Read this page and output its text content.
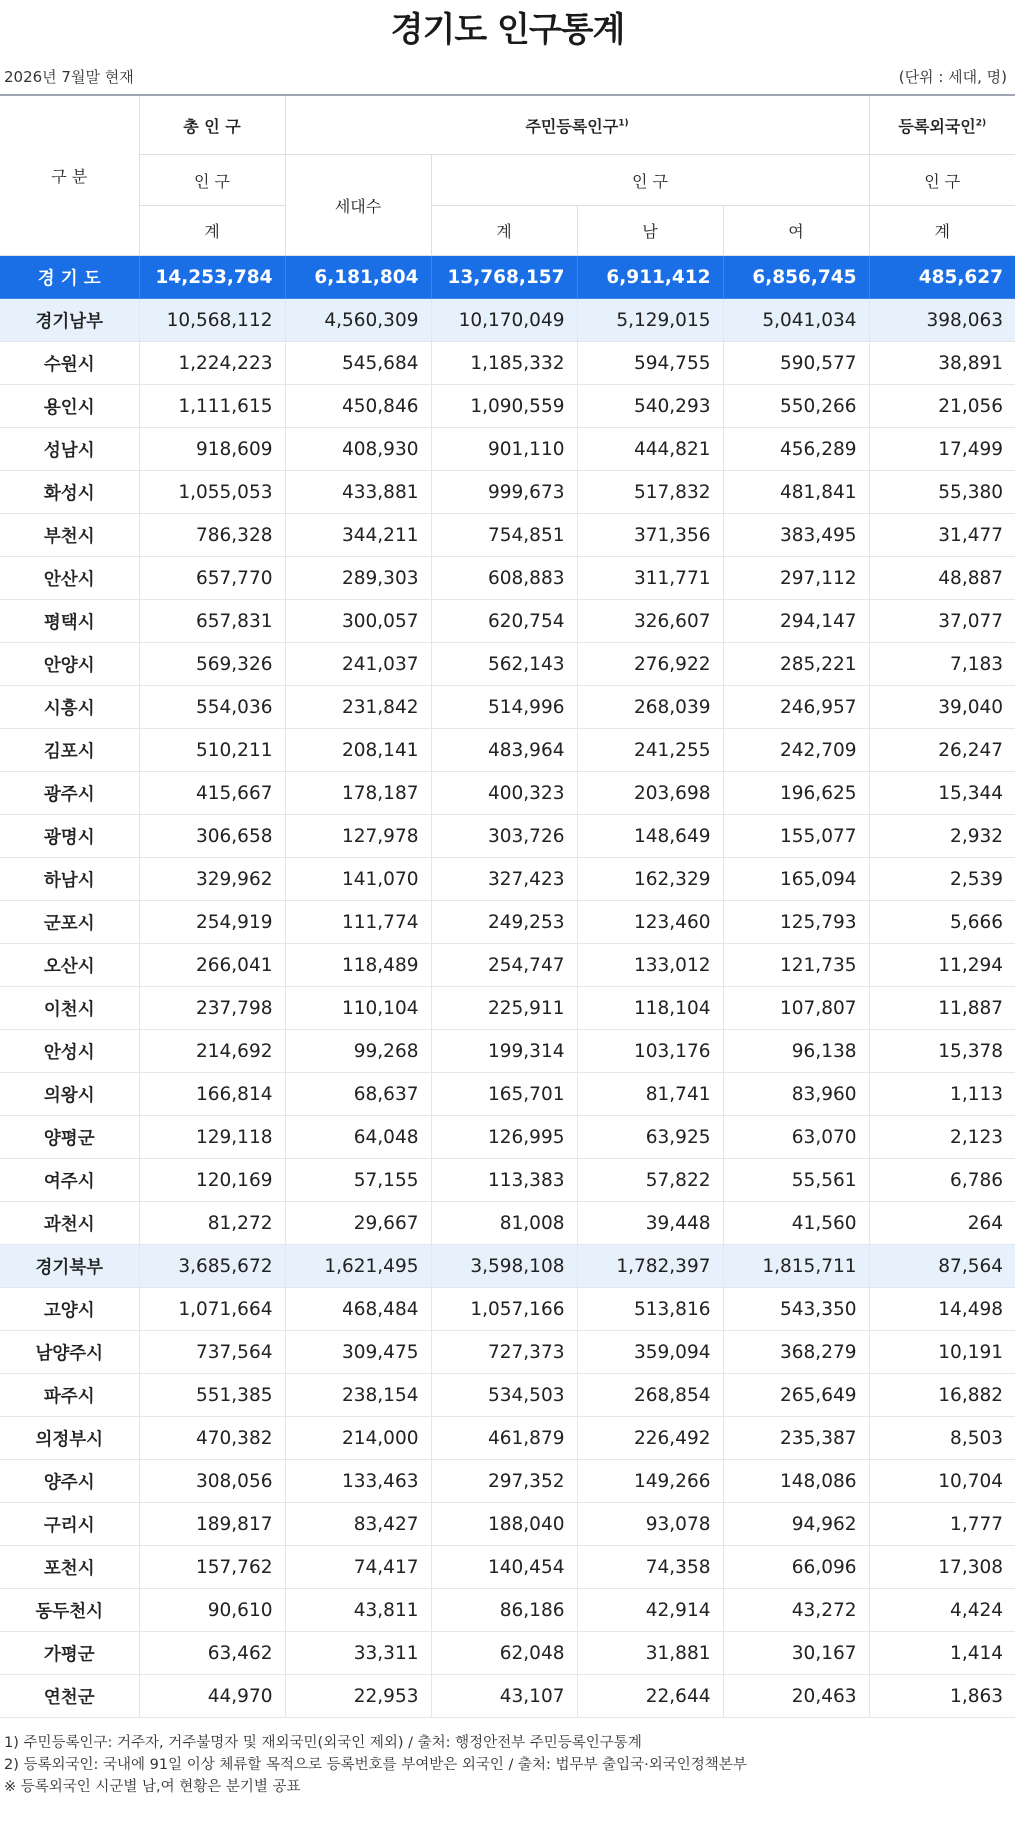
경기도 인구통계
2026년 7월말 현재	(단위 : 세대, 명)
구 분	총 인 구	주민등록인구$^{1)}$				등록외국인$^{2)}$
	인 구	세대수	인 구			인 구
	계		계	남	여	계
경 기 도	14,253,784	6,181,804	13,768,157	6,911,412	6,856,745	485,627
경기남부	10,568,112	4,560,309	10,170,049	5,129,015	5,041,034	398,063
수원시	1,224,223	545,684	1,185,332	594,755	590,577	38,891
용인시	1,111,615	450,846	1,090,559	540,293	550,266	21,056
성남시	918,609	408,930	901,110	444,821	456,289	17,499
화성시	1,055,053	433,881	999,673	517,832	481,841	55,380
부천시	786,328	344,211	754,851	371,356	383,495	31,477
안산시	657,770	289,303	608,883	311,771	297,112	48,887
평택시	657,831	300,057	620,754	326,607	294,147	37,077
안양시	569,326	241,037	562,143	276,922	285,221	7,183
시흥시	554,036	231,842	514,996	268,039	246,957	39,040
김포시	510,211	208,141	483,964	241,255	242,709	26,247
광주시	415,667	178,187	400,323	203,698	196,625	15,344
광명시	306,658	127,978	303,726	148,649	155,077	2,932
하남시	329,962	141,070	327,423	162,329	165,094	2,539
군포시	254,919	111,774	249,253	123,460	125,793	5,666
오산시	266,041	118,489	254,747	133,012	121,735	11,294
이천시	237,798	110,104	225,911	118,104	107,807	11,887
안성시	214,692	99,268	199,314	103,176	96,138	15,378
의왕시	166,814	68,637	165,701	81,741	83,960	1,113
양평군	129,118	64,048	126,995	63,925	63,070	2,123
여주시	120,169	57,155	113,383	57,822	55,561	6,786
과천시	81,272	29,667	81,008	39,448	41,560	264
경기북부	3,685,672	1,621,495	3,598,108	1,782,397	1,815,711	87,564
고양시	1,071,664	468,484	1,057,166	513,816	543,350	14,498
남양주시	737,564	309,475	727,373	359,094	368,279	10,191
파주시	551,385	238,154	534,503	268,854	265,649	16,882
의정부시	470,382	214,000	461,879	226,492	235,387	8,503
양주시	308,056	133,463	297,352	149,266	148,086	10,704
구리시	189,817	83,427	188,040	93,078	94,962	1,777
포천시	157,762	74,417	140,454	74,358	66,096	17,308
동두천시	90,610	43,811	86,186	42,914	43,272	4,424
가평군	63,462	33,311	62,048	31,881	30,167	1,414
연천군	44,970	22,953	43,107	22,644	20,463	1,863
1) 주민등록인구: 거주자, 거주불명자 및 재외국민(외국인 제외) / 출처: 행정안전부 주민등록인구통계
2) 등록외국인: 국내에 91일 이상 체류할 목적으로 등록번호를 부여받은 외국인 / 출처: 법무부 출입국·외국인정책본부
※ 등록외국인 시군별 남,여 현황은 분기별 공표
